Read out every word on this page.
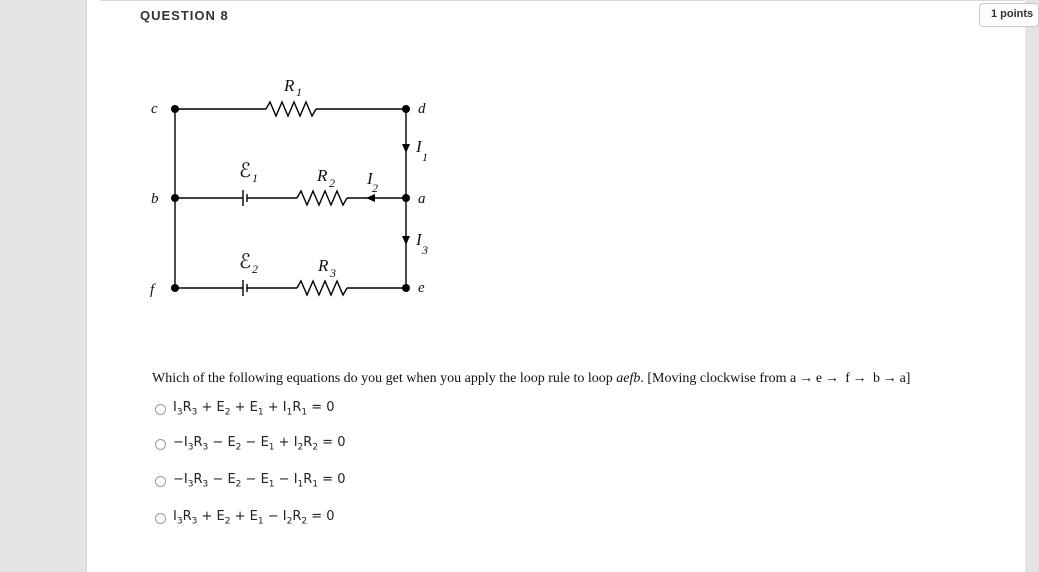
QUESTION 8	1 points
c	d
b	a
f	e
R 1
R 2
R 3
I
1
I 2
I
3
ℰ 1
ℰ 2
Which of the following equations do you get when you apply the loop rule to loop aefb. [Moving clockwise from a → e →  f →  b → a]
$I_3R_3 + E_2 + E_1 + I_1R_1 = 0$
$-I_3R_3 - E_2 - E_1 + I_2R_2 = 0$
$-I_3R_3 - E_2 - E_1 - I_1R_1 = 0$
$I_3R_3 + E_2 + E_1 - I_2R_2 = 0$
